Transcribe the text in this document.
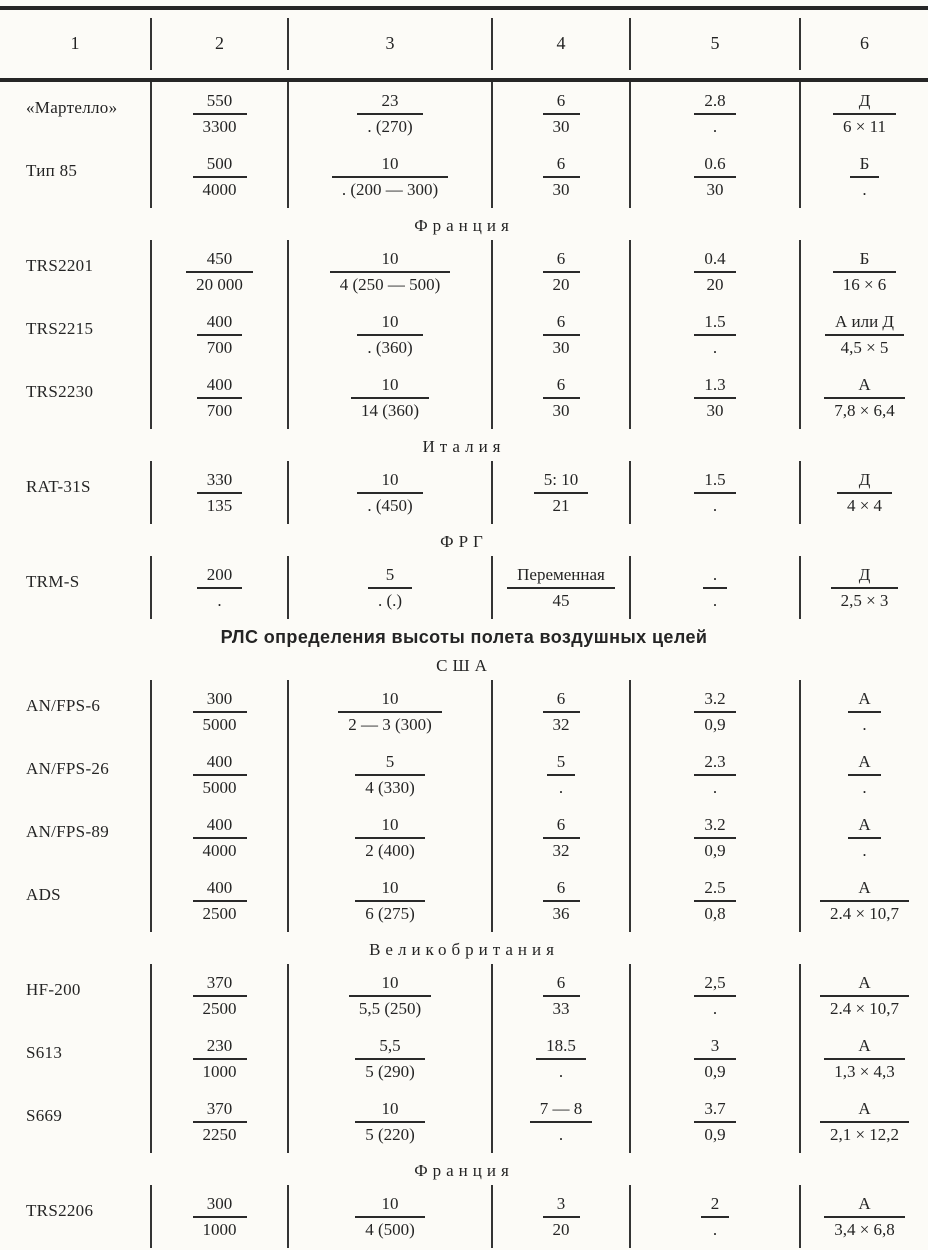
1	2	3	4	5	6
«Мартелло»	$\frac{550}{3300}$	$\frac{23}{. (270)}$	$\frac{6}{30}$	$\frac{2.8}{.}$	$\frac{Д}{6 \times 11}$
Тип 85	$\frac{500}{4000}$	$\frac{10}{. (200 — 300)}$	$\frac{6}{30}$	$\frac{0.6}{30}$	$\frac{Б}{.}$
Франция
TRS2201	$\frac{450}{20 000}$	$\frac{10}{4 (250 — 500)}$	$\frac{6}{20}$	$\frac{0.4}{20}$	$\frac{Б}{16 \times 6}$
TRS2215	$\frac{400}{700}$	$\frac{10}{. (360)}$	$\frac{6}{30}$	$\frac{1.5}{.}$	$\frac{\text{А или Д}}{4,5 \times 5}$
TRS2230	$\frac{400}{700}$	$\frac{10}{14 (360)}$	$\frac{6}{30}$	$\frac{1.3}{30}$	$\frac{А}{7,8 \times 6,4}$
Италия
RAT-31S	$\frac{330}{135}$	$\frac{10}{. (450)}$	$\frac{5: 10}{21}$	$\frac{1.5}{.}$	$\frac{Д}{4 \times 4}$
ФРГ
TRM-S	$\frac{200}{.}$	$\frac{5}{. (.)}$	$\frac{\text{Переменная}}{45}$	$\frac{.}{.}$	$\frac{Д}{2,5 \times 3}$
РЛС определения высоты полета воздушных целей
США
AN/FPS-6	$\frac{300}{5000}$	$\frac{10}{2 — 3 (300)}$	$\frac{6}{32}$	$\frac{3.2}{0,9}$	$\frac{А}{.}$
AN/FPS-26	$\frac{400}{5000}$	$\frac{5}{4 (330)}$	$\frac{5}{.}$	$\frac{2.3}{.}$	$\frac{А}{.}$
AN/FPS-89	$\frac{400}{4000}$	$\frac{10}{2 (400)}$	$\frac{6}{32}$	$\frac{3.2}{0,9}$	$\frac{А}{.}$
ADS	$\frac{400}{2500}$	$\frac{10}{6 (275)}$	$\frac{6}{36}$	$\frac{2.5}{0,8}$	$\frac{А}{2.4 \times 10,7}$
Великобритания
HF-200	$\frac{370}{2500}$	$\frac{10}{5,5 (250)}$	$\frac{6}{33}$	$\frac{2,5}{.}$	$\frac{А}{2.4 \times 10,7}$
S613	$\frac{230}{1000}$	$\frac{5,5}{5 (290)}$	$\frac{18.5}{.}$	$\frac{3}{0,9}$	$\frac{А}{1,3 \times 4,3}$
S669	$\frac{370}{2250}$	$\frac{10}{5 (220)}$	$\frac{7 — 8}{.}$	$\frac{3.7}{0,9}$	$\frac{А}{2,1 \times 12,2}$
Франция
TRS2206	$\frac{300}{1000}$	$\frac{10}{4 (500)}$	$\frac{3}{20}$	$\frac{2}{.}$	$\frac{А}{3,4 \times 6,8}$
